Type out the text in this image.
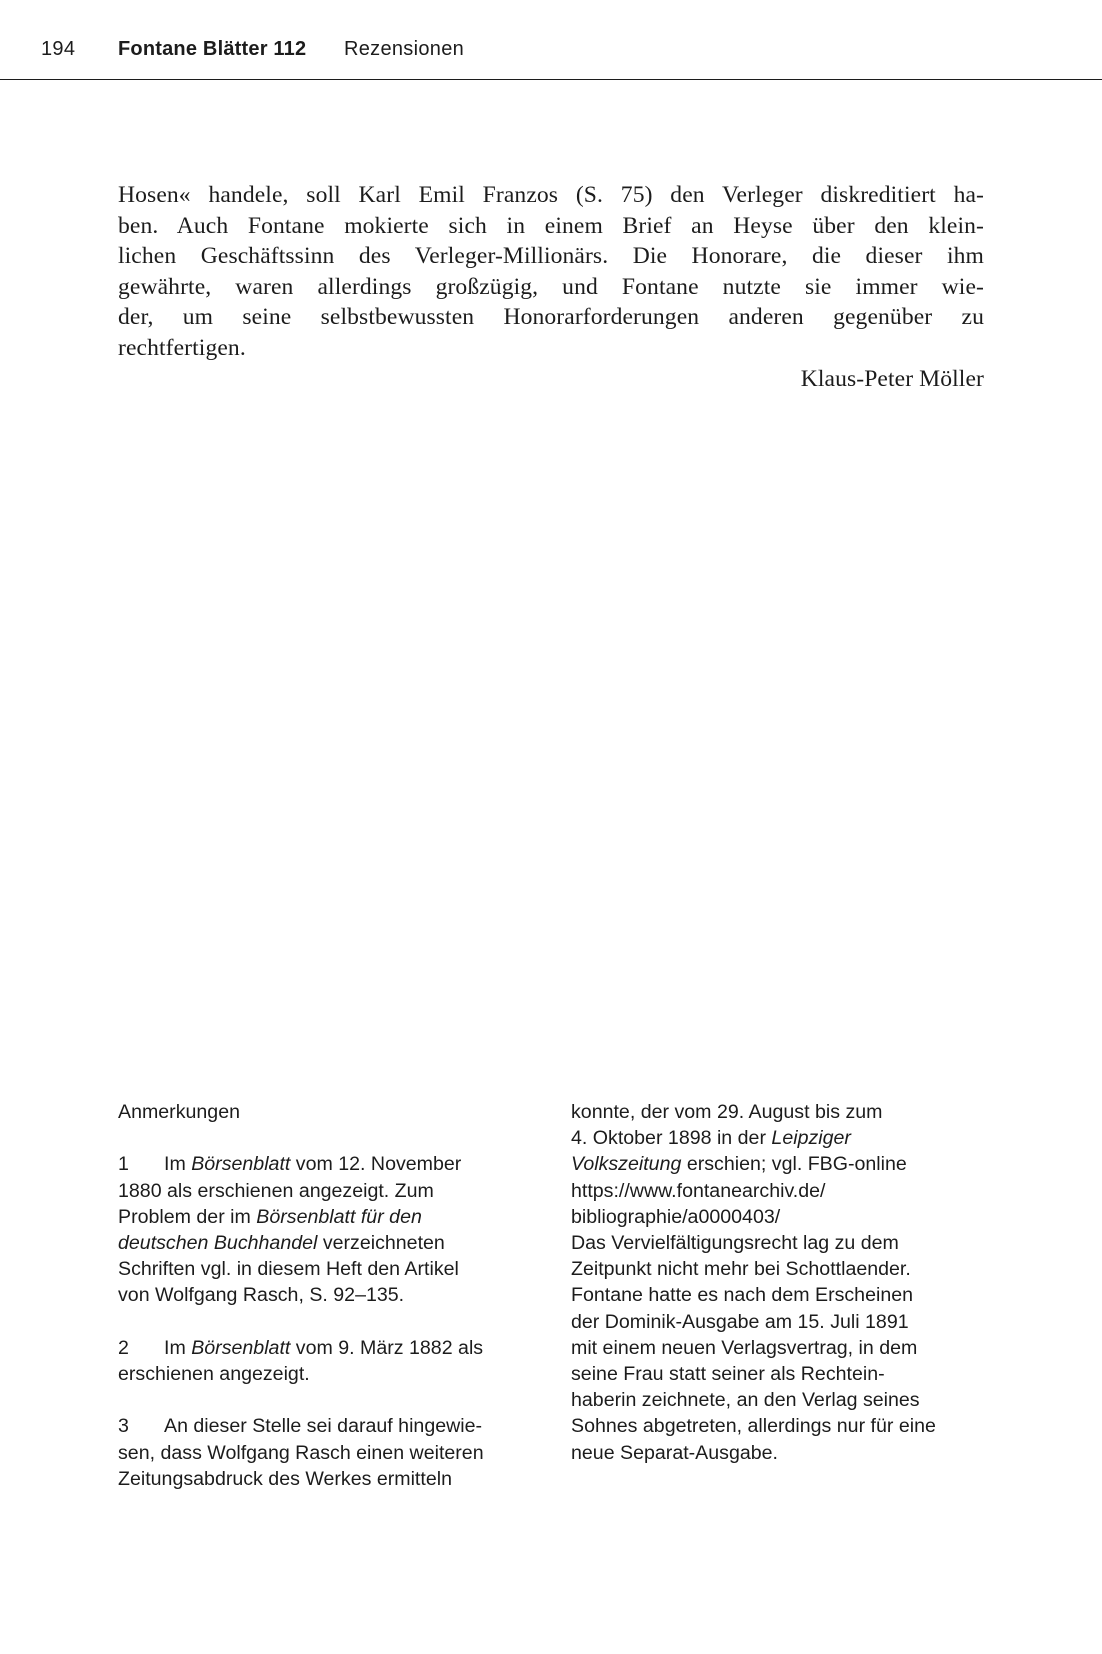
194 Fontane Blätter 112 Rezensionen
Hosen« handele, soll Karl Emil Franzos (S. 75) den Verleger diskreditiert ha-
ben. Auch Fontane mokierte sich in einem Brief an Heyse über den klein-
lichen Geschäftssinn des Verleger-Millionärs. Die Honorare, die dieser ihm
gewährte, waren allerdings großzügig, und Fontane nutzte sie immer wie-
der, um seine selbstbewussten Honorarforderungen anderen gegenüber zu
rechtfertigen.
Klaus-Peter Möller
Anmerkungen
1 Im Börsenblatt vom 12. November
1880 als erschienen angezeigt. Zum
Problem der im Börsenblatt für den
deutschen Buchhandel verzeichneten
Schriften vgl. in diesem Heft den Artikel
von Wolfgang Rasch, S. 92–135.
2 Im Börsenblatt vom 9. März 1882 als
erschienen angezeigt.
3 An dieser Stelle sei darauf hingewie-
sen, dass Wolfgang Rasch einen weiteren
Zeitungsabdruck des Werkes ermitteln
konnte, der vom 29. August bis zum
4. Oktober 1898 in der Leipziger
Volkszeitung erschien; vgl. FBG-online
https://www.fontanearchiv.de/
bibliographie/a0000403/
Das Vervielfältigungsrecht lag zu dem
Zeitpunkt nicht mehr bei Schottlaender.
Fontane hatte es nach dem Erscheinen
der Dominik-Ausgabe am 15. Juli 1891
mit einem neuen Verlagsvertrag, in dem
seine Frau statt seiner als Rechtein-
haberin zeichnete, an den Verlag seines
Sohnes abgetreten, allerdings nur für eine
neue Separat-Ausgabe.
